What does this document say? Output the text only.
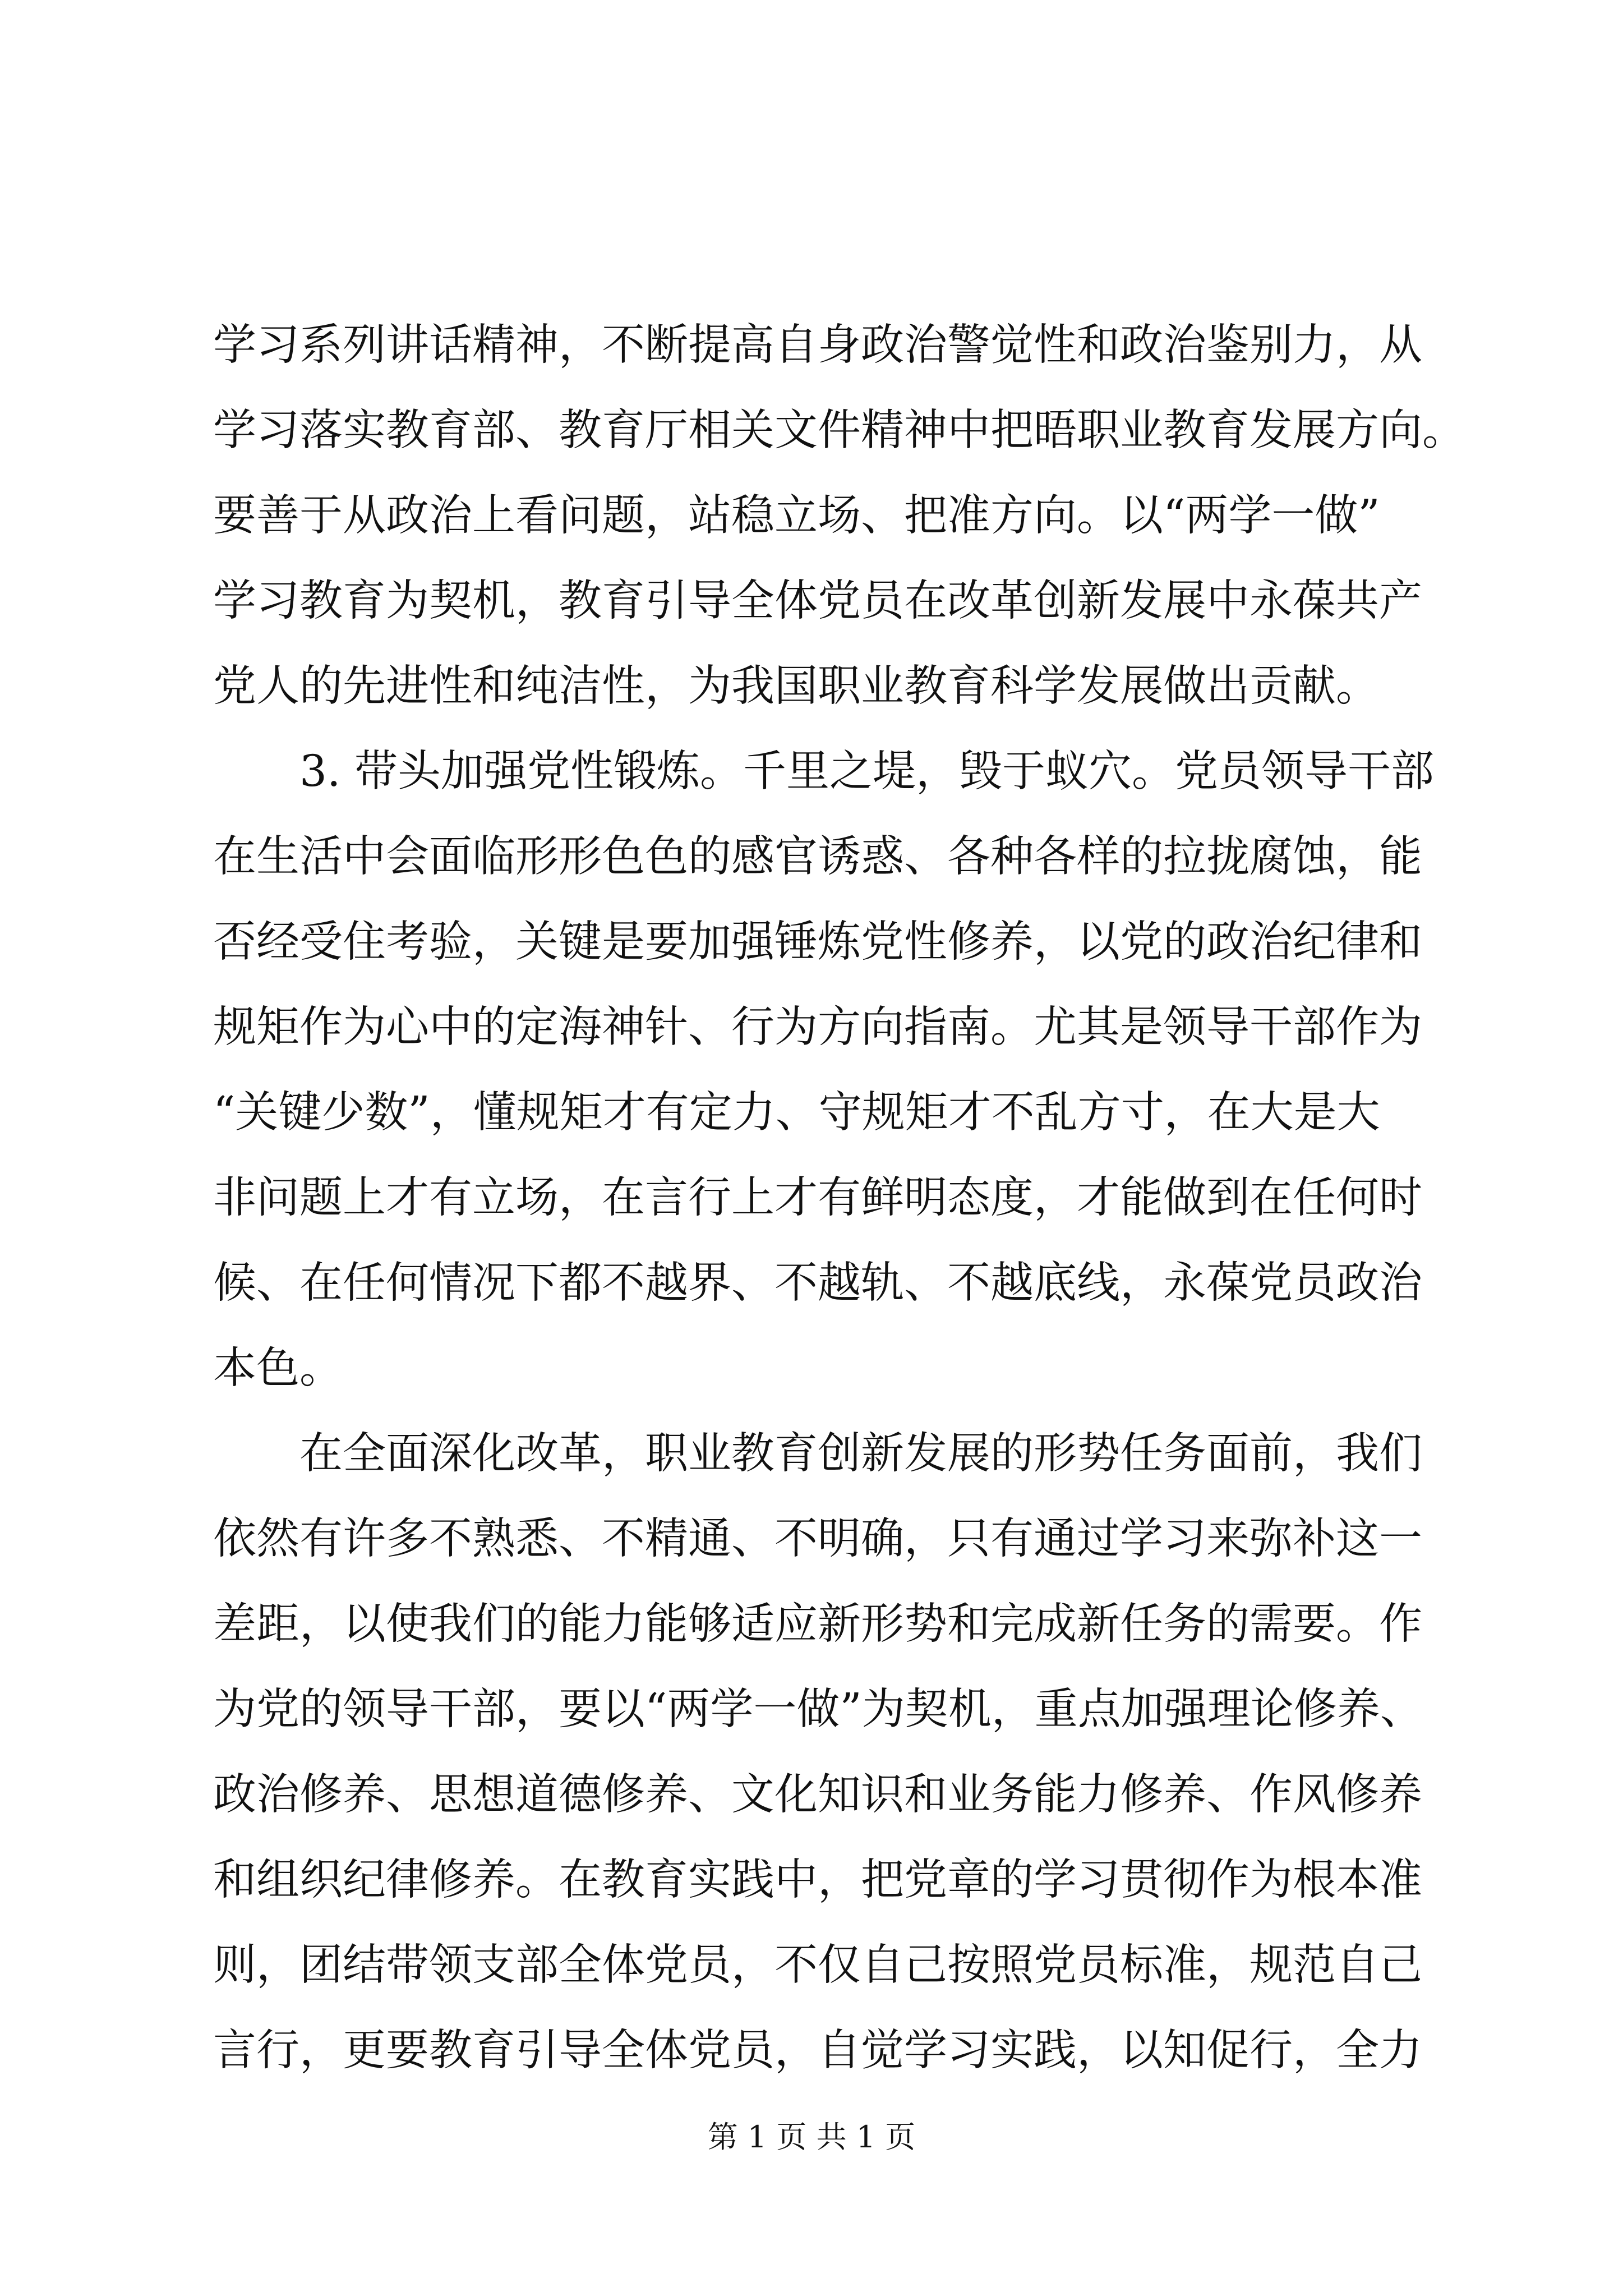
学习系列讲话精神，不断提高自身政治警觉性和政治鉴别力，从
学习落实教育部、教育厅相关文件精神中把晤职业教育发展方向。
要善于从政治上看问题，站稳立场、把准方向。以“两学一做”
学习教育为契机，教育引导全体党员在改革创新发展中永葆共产
党人的先进性和纯洁性，为我国职业教育科学发展做出贡献。
3. 带头加强党性锻炼。千里之堤，毁于蚁穴。党员领导干部
在生活中会面临形形色色的感官诱惑、各种各样的拉拢腐蚀，能
否经受住考验，关键是要加强锤炼党性修养，以党的政治纪律和
规矩作为心中的定海神针、行为方向指南。尤其是领导干部作为
“关键少数”，懂规矩才有定力、守规矩才不乱方寸，在大是大
非问题上才有立场，在言行上才有鲜明态度，才能做到在任何时
候、在任何情况下都不越界、不越轨、不越底线，永葆党员政治
本色。
在全面深化改革，职业教育创新发展的形势任务面前，我们
依然有许多不熟悉、不精通、不明确，只有通过学习来弥补这一
差距，以使我们的能力能够适应新形势和完成新任务的需要。作
为党的领导干部，要以“两学一做”为契机，重点加强理论修养、
政治修养、思想道德修养、文化知识和业务能力修养、作风修养
和组织纪律修养。在教育实践中，把党章的学习贯彻作为根本准
则，团结带领支部全体党员，不仅自己按照党员标准，规范自己
言行，更要教育引导全体党员，自觉学习实践，以知促行，全力
第 1 页 共 1 页
